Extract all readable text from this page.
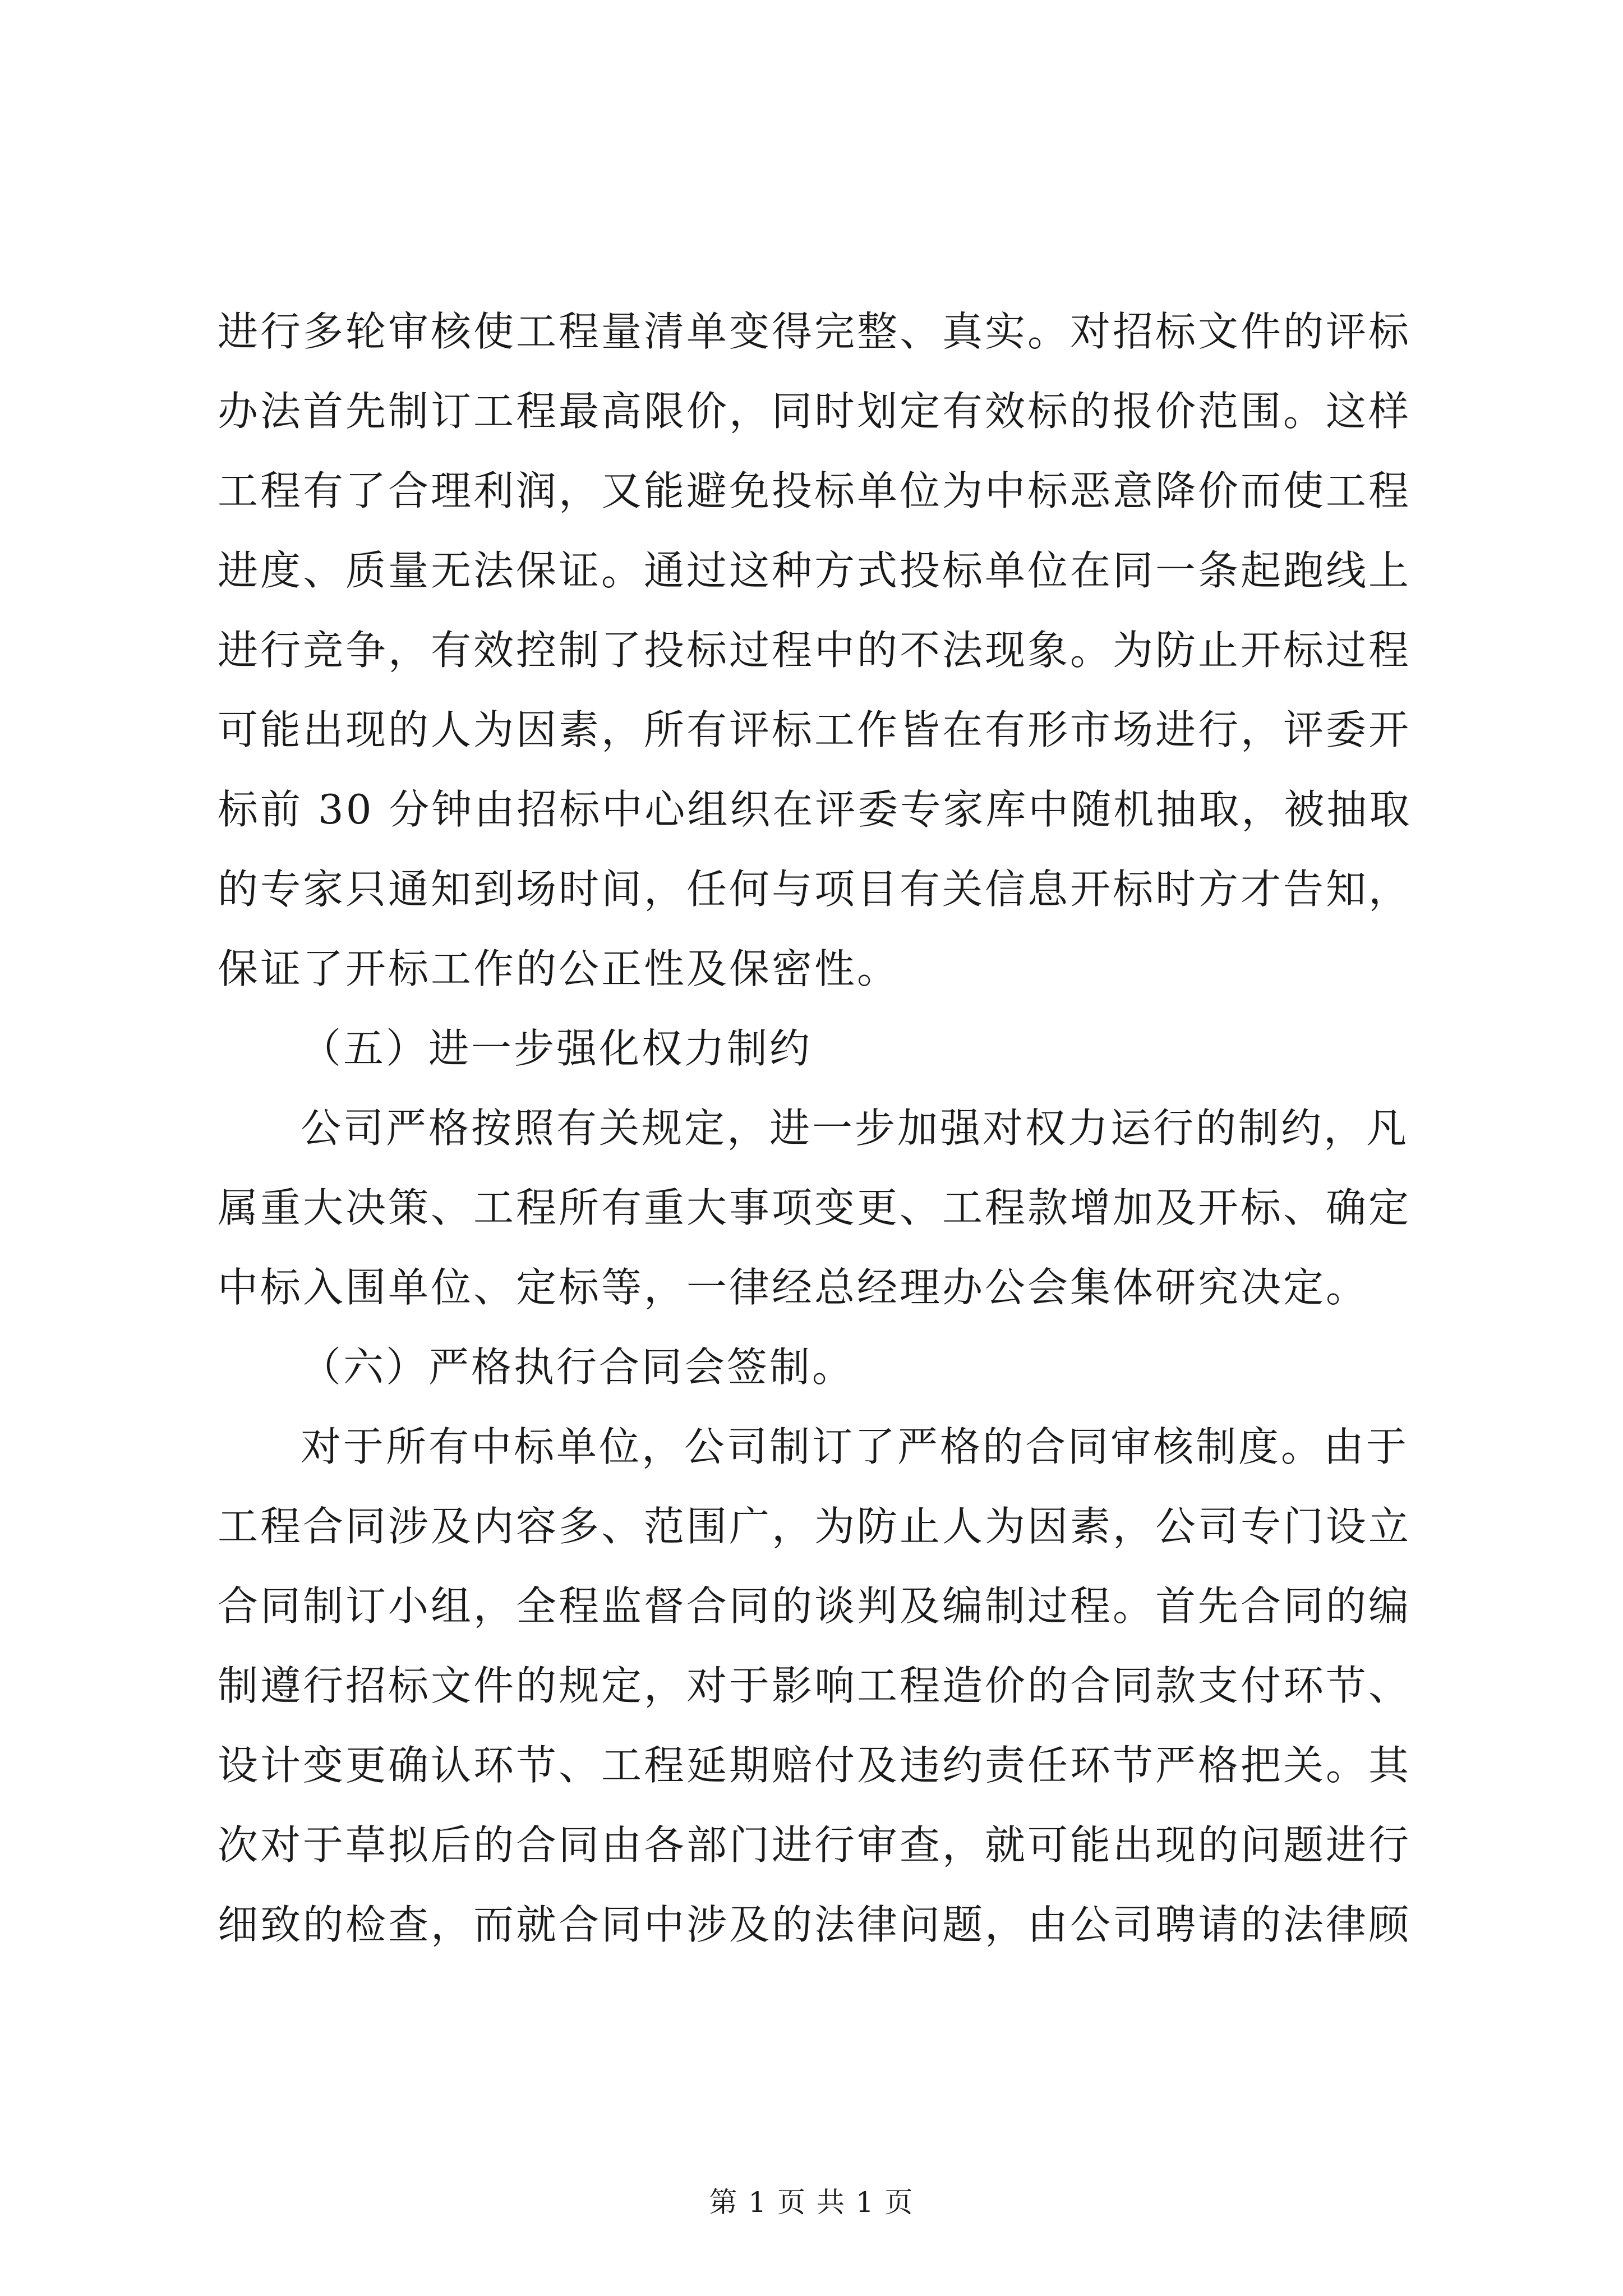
进行多轮审核使工程量清单变得完整、真实。对招标文件的评标
办法首先制订工程最高限价，同时划定有效标的报价范围。这样
工程有了合理利润，又能避免投标单位为中标恶意降价而使工程
进度、质量无法保证。通过这种方式投标单位在同一条起跑线上
进行竞争，有效控制了投标过程中的不法现象。为防止开标过程
可能出现的人为因素，所有评标工作皆在有形市场进行，评委开
标前 30 分钟由招标中心组织在评委专家库中随机抽取，被抽取
的专家只通知到场时间，任何与项目有关信息开标时方才告知，
保证了开标工作的公正性及保密性。
（五）进一步强化权力制约
公司严格按照有关规定，进一步加强对权力运行的制约，凡
属重大决策、工程所有重大事项变更、工程款增加及开标、确定
中标入围单位、定标等，一律经总经理办公会集体研究决定。
（六）严格执行合同会签制。
对于所有中标单位，公司制订了严格的合同审核制度。由于
工程合同涉及内容多、范围广，为防止人为因素，公司专门设立
合同制订小组，全程监督合同的谈判及编制过程。首先合同的编
制遵行招标文件的规定，对于影响工程造价的合同款支付环节、
设计变更确认环节、工程延期赔付及违约责任环节严格把关。其
次对于草拟后的合同由各部门进行审查，就可能出现的问题进行
细致的检查，而就合同中涉及的法律问题，由公司聘请的法律顾
第 1 页 共 1 页
